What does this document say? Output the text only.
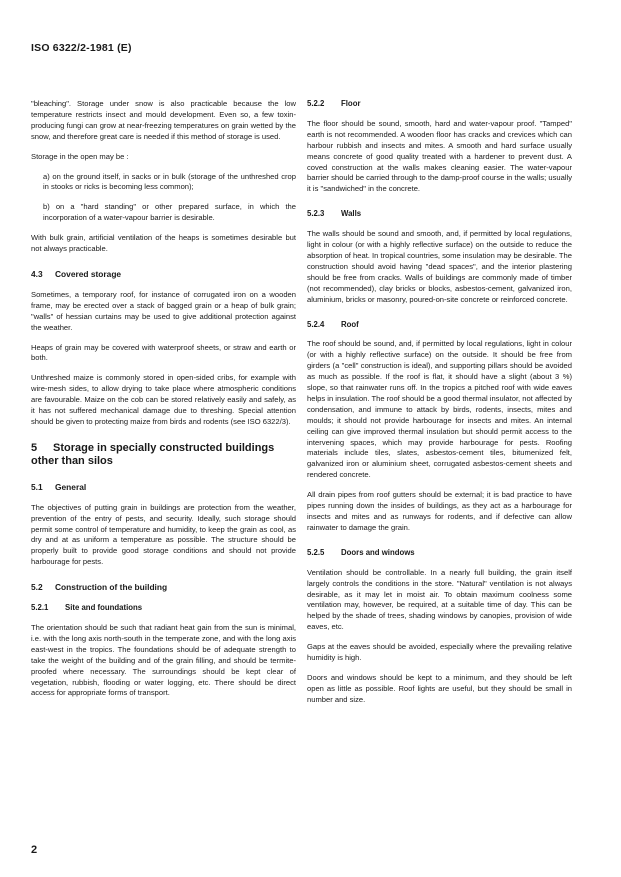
ISO 6322/2-1981 (E)

"bleaching". Storage under snow is also practicable because the low temperature restricts insect and mould development. Even so, a few toxin-producing fungi can grow at near-freezing temperatures on grain wetted by the snow, and therefore great care is needed if this method of storage is used.

Storage in the open may be :

a) on the ground itself, in sacks or in bulk (storage of the unthreshed crop in stooks or ricks is becoming less common);

b) on a "hard standing" or other prepared surface, in which the incorporation of a water-vapour barrier is desirable.

With bulk grain, artificial ventilation of the heaps is sometimes desirable but not always practicable.

4.3 Covered storage

Sometimes, a temporary roof, for instance of corrugated iron on a wooden frame, may be erected over a stack of bagged grain or a heap of bulk grain; "walls" of hessian curtains may be used to give additional protection against the weather.

Heaps of grain may be covered with waterproof sheets, or straw and earth or both.

Unthreshed maize is commonly stored in open-sided cribs, for example with wire-mesh sides, to allow drying to take place where atmospheric conditions are favourable. Maize on the cob can be stored relatively easily and safely, as it has not suffered mechanical damage due to threshing. Special attention should be given to protecting maize from birds and rodents (see ISO 6322/3).

5 Storage in specially constructed buildings other than silos
5.1 General

The objectives of putting grain in buildings are protection from the weather, prevention of the entry of pests, and security. Ideally, such storage should permit some control of temperature and humidity, to keep the grain as cool, as dry and at as uniform a temperature as possible. The structure should be properly built to provide good storage conditions and should not provide harbourage for pests.

5.2 Construction of the building
5.2.1 Site and foundations

The orientation should be such that radiant heat gain from the sun is minimal, i.e. with the long axis north-south in the temperate zone, and with the long axis east-west in the tropics. The foundations should be of adequate strength to take the weight of the building and of the grain filling, and should be termite-proofed where necessary. The surroundings should be kept clear of vegetation, rubbish, flooding or water logging, etc. There should be direct access for appropriate forms of transport.

5.2.2 Floor

The floor should be sound, smooth, hard and water-vapour proof. "Tamped" earth is not recommended. A wooden floor has cracks and crevices which can harbour rubbish and insects and mites. A smooth and hard surface usually means concrete of good quality treated with a hardener to prevent dust. A coved construction at the walls makes cleaning easier. The water-vapour barrier should be carried through to the damp-proof course in the walls; usually it is "sandwiched" in the concrete.

5.2.3 Walls

The walls should be sound and smooth, and, if permitted by local regulations, light in colour (or with a highly reflective surface) on the outside to reduce the absorption of heat. In tropical countries, some insulation may be desirable. The construction should avoid having "dead spaces", and the interior plastering should be free from cracks. Walls of buildings are commonly made of timber (not recommended), clay bricks or blocks, asbestos-cement, galvanized iron, aluminium, bricks or masonry, poured-on-site concrete or reinforced concrete.

5.2.4 Roof

The roof should be sound, and, if permitted by local regulations, light in colour (or with a highly reflective surface) on the outside. It should be free from girders (a "cell" construction is ideal), and supporting pillars should be avoided as much as possible. If the roof is flat, it should have a slight (about 3 %) slope, so that rainwater runs off. In the tropics a pitched roof with wide eaves helps in insulation. The roof should be a good thermal insulator, not affected by condensation, and immune to attack by birds, rodents, insects, mites and moulds; it should not provide harbourage for insects and mites. An internal ceiling can give improved thermal insulation but should permit access to the intervening spaces, which may provide harbourage for pests. Roofing materials include tiles, slates, asbestos-cement tiles, bitumenized felt, galvanized iron or aluminium sheet, corrugated asbestos-cement sheets and rendered concrete.

All drain pipes from roof gutters should be external; it is bad practice to have pipes running down the insides of buildings, as they act as a harbourage for insects and mites and as runways for rodents, and if defective can allow rainwater to damage the grain.

5.2.5 Doors and windows

Ventilation should be controllable. In a nearly full building, the grain itself largely controls the conditions in the store. "Natural" ventilation is not always desirable, as it may let in moist air. To obtain maximum coolness some ventilation may, however, be required, at a suitable time of day. This can be helped by the shade of trees, shading windows by canopies, provision of wide eaves, etc.

Gaps at the eaves should be avoided, especially where the prevailing relative humidity is high.

Doors and windows should be kept to a minimum, and they should be left open as little as possible. Roof lights are useful, but they should be small in number and size.

2
